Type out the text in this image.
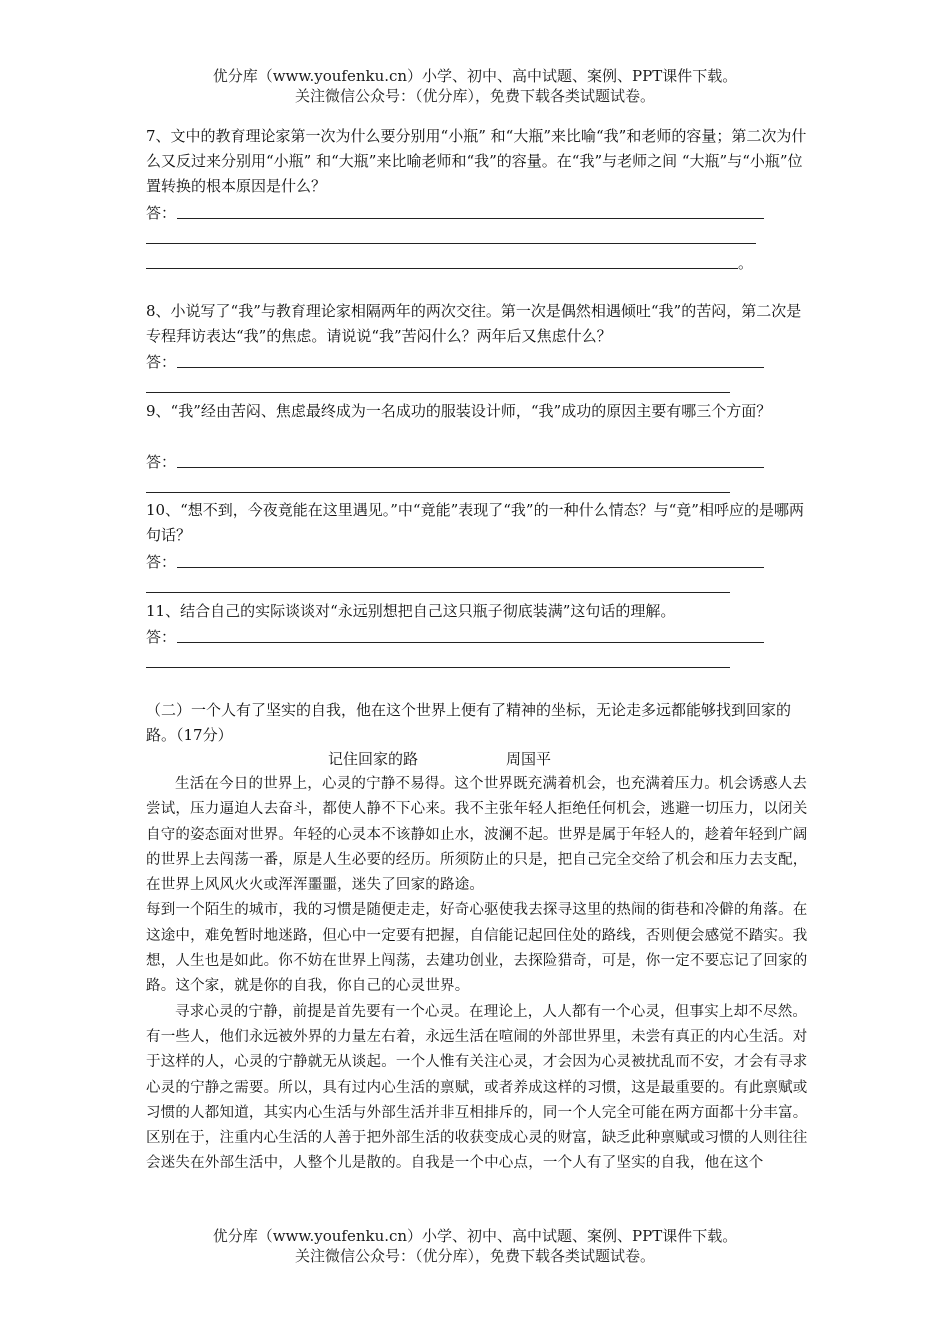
优分库（www.youfenku.cn）小学、初中、高中试题、案例、PPT课件下载。
关注微信公众号：（优分库），免费下载各类试题试卷。

7、文中的教育理论家第一次为什么要分别用“小瓶” 和“大瓶”来比喻“我”和老师的容量；第二次为什么又反过来分别用“小瓶” 和“大瓶”来比喻老师和“我”的容量。在“我”与老师之间 “大瓶”与“小瓶”位置转换的根本原因是什么？

答：
。

8、小说写了“我”与教育理论家相隔两年的两次交往。第一次是偶然相遇倾吐“我”的苦闷，第二次是专程拜访表达“我”的焦虑。请说说“我”苦闷什么？两年后又焦虑什么？

答：

9、“我”经由苦闷、焦虑最终成为一名成功的服装设计师，“我”成功的原因主要有哪三个方面？

答：

10、“想不到，今夜竟能在这里遇见。”中“竟能”表现了“我”的一种什么情态？与“竟”相呼应的是哪两句话？

答：

11、结合自己的实际谈谈对“永远别想把自己这只瓶子彻底装满”这句话的理解。

答：
（二）一个人有了坚实的自我，他在这个世界上便有了精神的坐标，无论走多远都能够找到回家的路。（17分）
记住回家的路	周国平

生活在今日的世界上，心灵的宁静不易得。这个世界既充满着机会，也充满着压力。机会诱惑人去尝试，压力逼迫人去奋斗，都使人静不下心来。我不主张年轻人拒绝任何机会，逃避一切压力，以闭关自守的姿态面对世界。年轻的心灵本不该静如止水，波澜不起。世界是属于年轻人的，趁着年轻到广阔的世界上去闯荡一番，原是人生必要的经历。所须防止的只是，把自己完全交给了机会和压力去支配，在世界上风风火火或浑浑噩噩，迷失了回家的路途。

每到一个陌生的城市，我的习惯是随便走走，好奇心驱使我去探寻这里的热闹的街巷和冷僻的角落。在这途中，难免暂时地迷路，但心中一定要有把握，自信能记起回住处的路线，否则便会感觉不踏实。我想，人生也是如此。你不妨在世界上闯荡，去建功创业，去探险猎奇，可是，你一定不要忘记了回家的路。这个家，就是你的自我，你自己的心灵世界。

寻求心灵的宁静，前提是首先要有一个心灵。在理论上，人人都有一个心灵，但事实上却不尽然。有一些人，他们永远被外界的力量左右着，永远生活在喧闹的外部世界里，未尝有真正的内心生活。对于这样的人，心灵的宁静就无从谈起。一个人惟有关注心灵，才会因为心灵被扰乱而不安，才会有寻求心灵的宁静之需要。所以，具有过内心生活的禀赋，或者养成这样的习惯，这是最重要的。有此禀赋或习惯的人都知道，其实内心生活与外部生活并非互相排斥的，同一个人完全可能在两方面都十分丰富。区别在于，注重内心生活的人善于把外部生活的收获变成心灵的财富，缺乏此种禀赋或习惯的人则往往会迷失在外部生活中，人整个儿是散的。自我是一个中心点，一个人有了坚实的自我，他在这个

优分库（www.youfenku.cn）小学、初中、高中试题、案例、PPT课件下载。
关注微信公众号：（优分库），免费下载各类试题试卷。
